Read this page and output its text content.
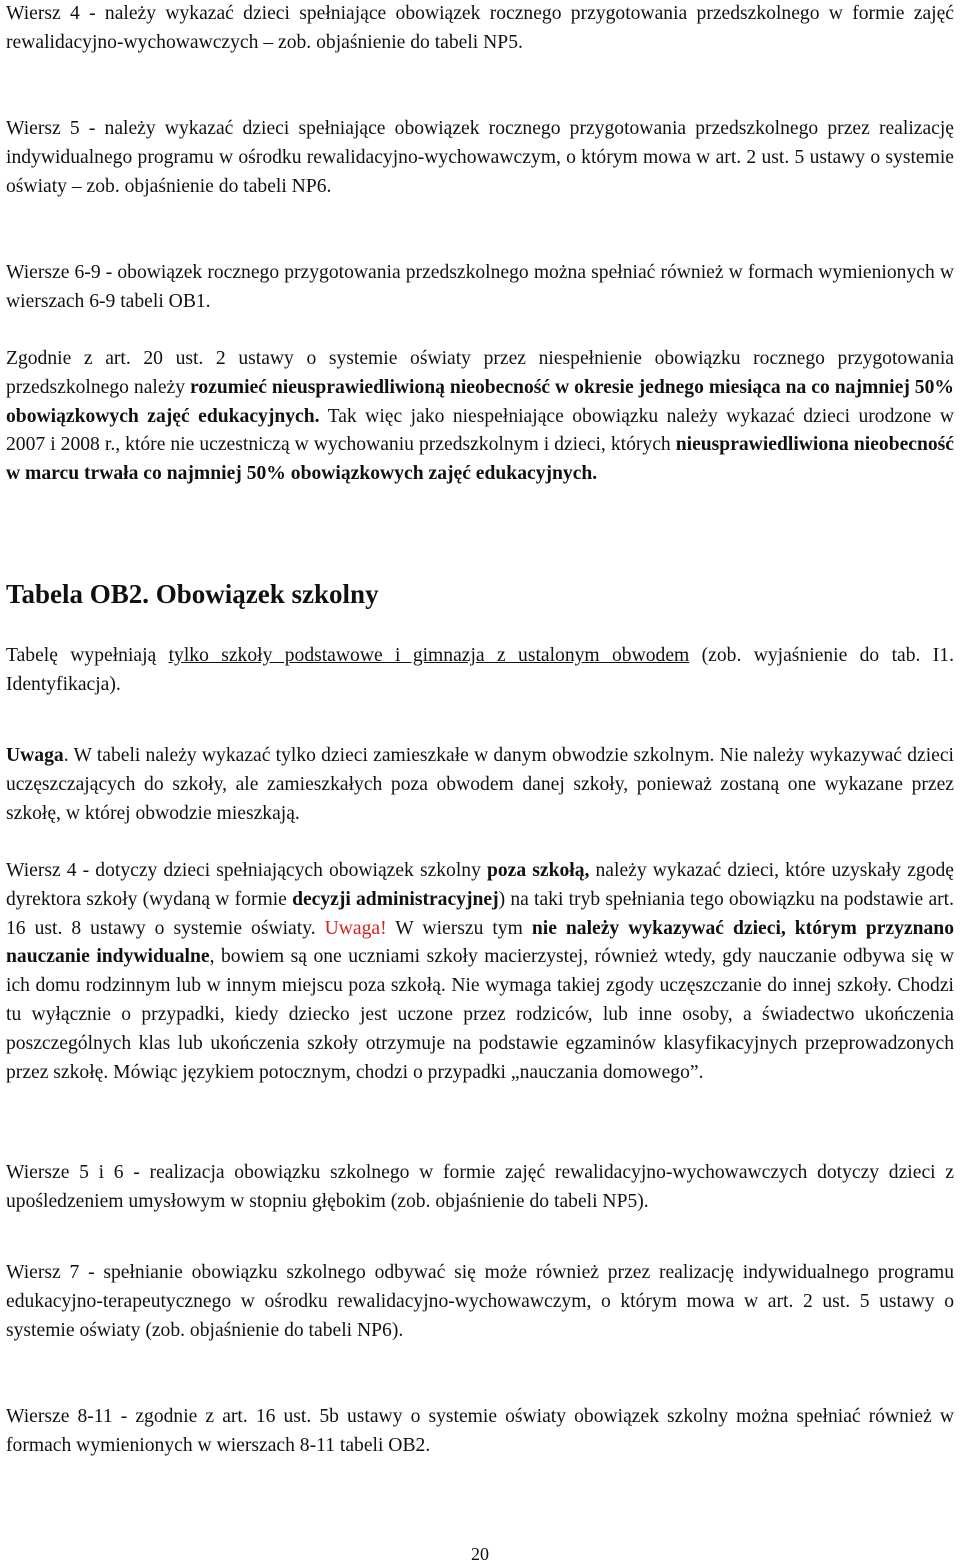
Wiersz 4 - należy wykazać dzieci spełniające obowiązek rocznego przygotowania przedszkolnego w formie zajęć rewalidacyjno-wychowawczych – zob. objaśnienie do tabeli NP5.

Wiersz 5 - należy wykazać dzieci spełniające obowiązek rocznego przygotowania przedszkolnego przez realizację indywidualnego programu w ośrodku rewalidacyjno-wychowawczym, o którym mowa w art. 2 ust. 5 ustawy o systemie oświaty – zob. objaśnienie do tabeli NP6.

Wiersze 6-9 - obowiązek rocznego przygotowania przedszkolnego można spełniać również w formach wymienionych w wierszach 6-9 tabeli OB1.

Zgodnie z art. 20 ust. 2 ustawy o systemie oświaty przez niespełnienie obowiązku rocznego przygotowania przedszkolnego należy rozumieć nieusprawiedliwioną nieobecność w okresie jednego miesiąca na co najmniej 50% obowiązkowych zajęć edukacyjnych. Tak więc jako niespełniające obowiązku należy wykazać dzieci urodzone w 2007 i 2008 r., które nie uczestniczą w wychowaniu przedszkolnym i dzieci, których nieusprawiedliwiona nieobecność w marcu trwała co najmniej 50% obowiązkowych zajęć edukacyjnych.

Tabela OB2. Obowiązek szkolny

Tabelę wypełniają tylko szkoły podstawowe i gimnazja z ustalonym obwodem (zob. wyjaśnienie do tab. I1. Identyfikacja).

Uwaga. W tabeli należy wykazać tylko dzieci zamieszkałe w danym obwodzie szkolnym. Nie należy wykazywać dzieci uczęszczających do szkoły, ale zamieszkałych poza obwodem danej szkoły, ponieważ zostaną one wykazane przez szkołę, w której obwodzie mieszkają.

Wiersz 4 - dotyczy dzieci spełniających obowiązek szkolny poza szkołą, należy wykazać dzieci, które uzyskały zgodę dyrektora szkoły (wydaną w formie decyzji administracyjnej) na taki tryb spełniania tego obowiązku na podstawie art. 16 ust. 8 ustawy o systemie oświaty. Uwaga! W wierszu tym nie należy wykazywać dzieci, którym przyznano nauczanie indywidualne, bowiem są one uczniami szkoły macierzystej, również wtedy, gdy nauczanie odbywa się w ich domu rodzinnym lub w innym miejscu poza szkołą. Nie wymaga takiej zgody uczęszczanie do innej szkoły. Chodzi tu wyłącznie o przypadki, kiedy dziecko jest uczone przez rodziców, lub inne osoby, a świadectwo ukończenia poszczególnych klas lub ukończenia szkoły otrzymuje na podstawie egzaminów klasyfikacyjnych przeprowadzonych przez szkołę. Mówiąc językiem potocznym, chodzi o przypadki „nauczania domowego”.

Wiersze 5 i 6 - realizacja obowiązku szkolnego w formie zajęć rewalidacyjno-wychowawczych dotyczy dzieci z upośledzeniem umysłowym w stopniu głębokim (zob. objaśnienie do tabeli NP5).

Wiersz 7 - spełnianie obowiązku szkolnego odbywać się może również przez realizację indywidualnego programu edukacyjno-terapeutycznego w ośrodku rewalidacyjno-wychowawczym, o którym mowa w art. 2 ust. 5 ustawy o systemie oświaty (zob. objaśnienie do tabeli NP6).

Wiersze 8-11 - zgodnie z art. 16 ust. 5b ustawy o systemie oświaty obowiązek szkolny można spełniać również w formach wymienionych w wierszach 8-11 tabeli OB2.

20
